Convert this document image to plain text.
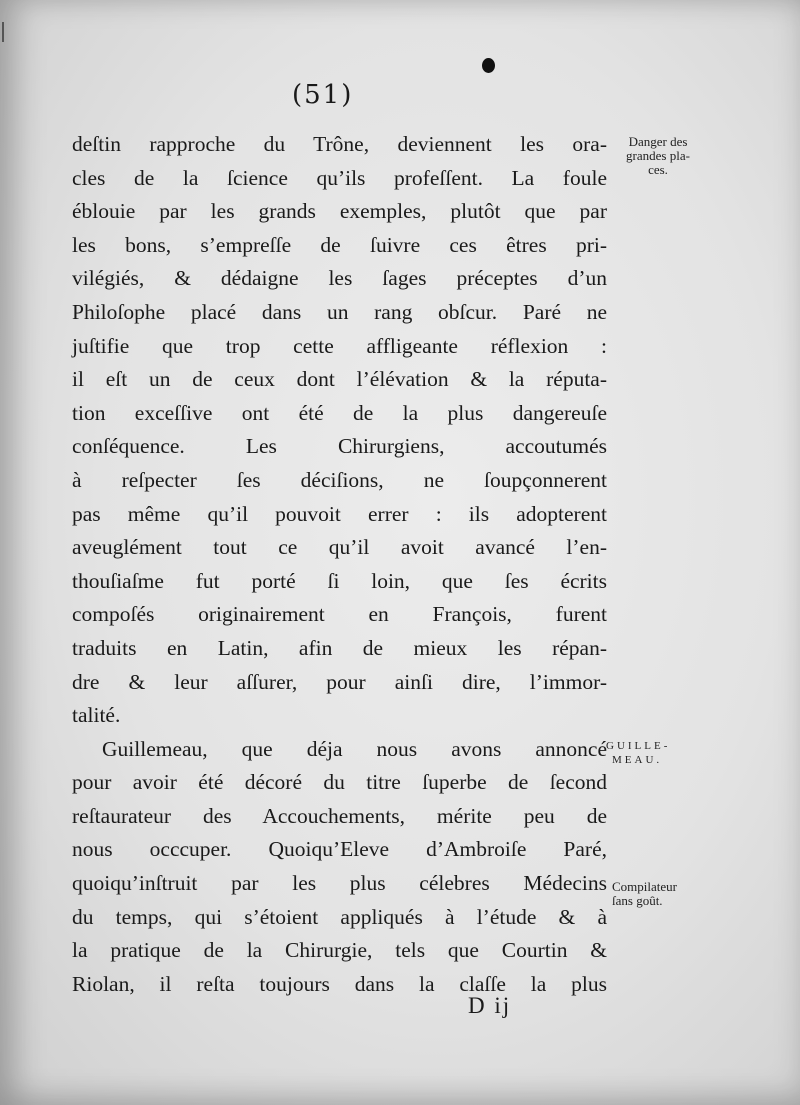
(51)
deſtin rapproche du Trône, deviennent les ora-
cles de la ſcience qu’ils profeſſent. La foule
éblouie par les grands exemples, plutôt que par
les bons, s’empreſſe de ſuivre ces êtres pri-
vilégiés, & dédaigne les ſages préceptes d’un
Philoſophe placé dans un rang obſcur. Paré ne
juſtifie que trop cette affligeante réflexion :
il eſt un de ceux dont l’élévation & la réputa-
tion exceſſive ont été de la plus dangereuſe
conſéquence. Les Chirurgiens, accoutumés
à reſpecter ſes déciſions, ne ſoupçonnerent
pas même qu’il pouvoit errer : ils adopterent
aveuglément tout ce qu’il avoit avancé l’en-
thouſiaſme fut porté ſi loin, que ſes écrits
compoſés originairement en François, furent
traduits en Latin, afin de mieux les répan-
dre & leur aſſurer, pour ainſi dire, l’immor-
talité.
Guillemeau, que déja nous avons annoncé
pour avoir été décoré du titre ſuperbe de ſecond
reſtaurateur des Accouchements, mérite peu de
nous occcuper. Quoiqu’Eleve d’Ambroiſe Paré,
quoiqu’inſtruit par les plus célebres Médecins
du temps, qui s’étoient appliqués à l’étude & à
la pratique de la Chirurgie, tels que Courtin &
Riolan, il reſta toujours dans la claſſe la plus
Danger des
grandes pla-
ces.
GUILLE-
MEAU.
Compilateur
ſans goût.
D ij
